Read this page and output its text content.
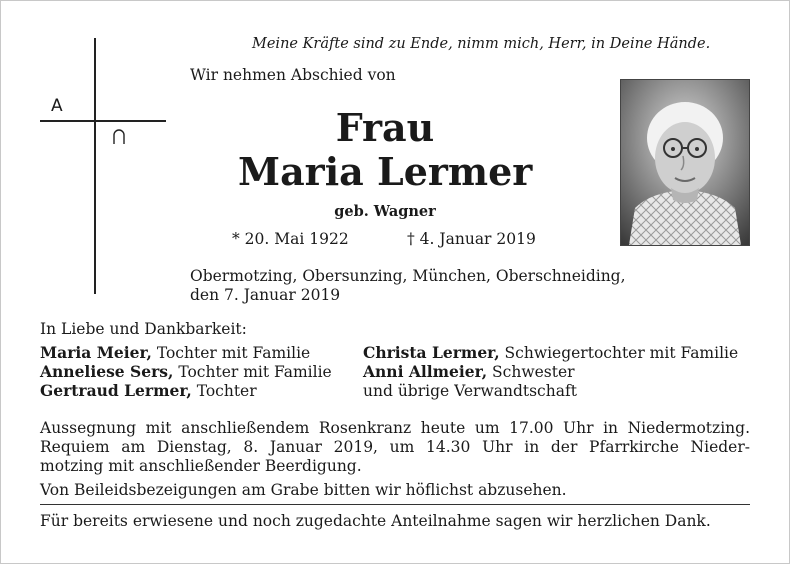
A
Meine Kräfte sind zu Ende, nimm mich, Herr, in Deine Hände.
Wir nehmen Abschied von
Frau
Maria Lermer
geb. Wagner
* 20. Mai 1922	† 4. Januar 2019
Obermotzing, Obersunzing, München, Oberschneiding,
den 7. Januar 2019
In Liebe und Dankbarkeit:
Maria Meier, Tochter mit Familie
Anneliese Sers, Tochter mit Familie
Gertraud Lermer, Tochter
Christa Lermer, Schwiegertochter mit Familie
Anni Allmeier, Schwester
und übrige Verwandtschaft
Aussegnung mit anschließendem Rosenkranz heute um 17.00 Uhr in Niedermotzing.
Requiem am Dienstag, 8. Januar 2019, um 14.30 Uhr in der Pfarrkirche Nieder-
motzing mit anschließender Beerdigung.
Von Beileidsbezeigungen am Grabe bitten wir höflichst abzusehen.
Für bereits erwiesene und noch zugedachte Anteilnahme sagen wir herzlichen Dank.
